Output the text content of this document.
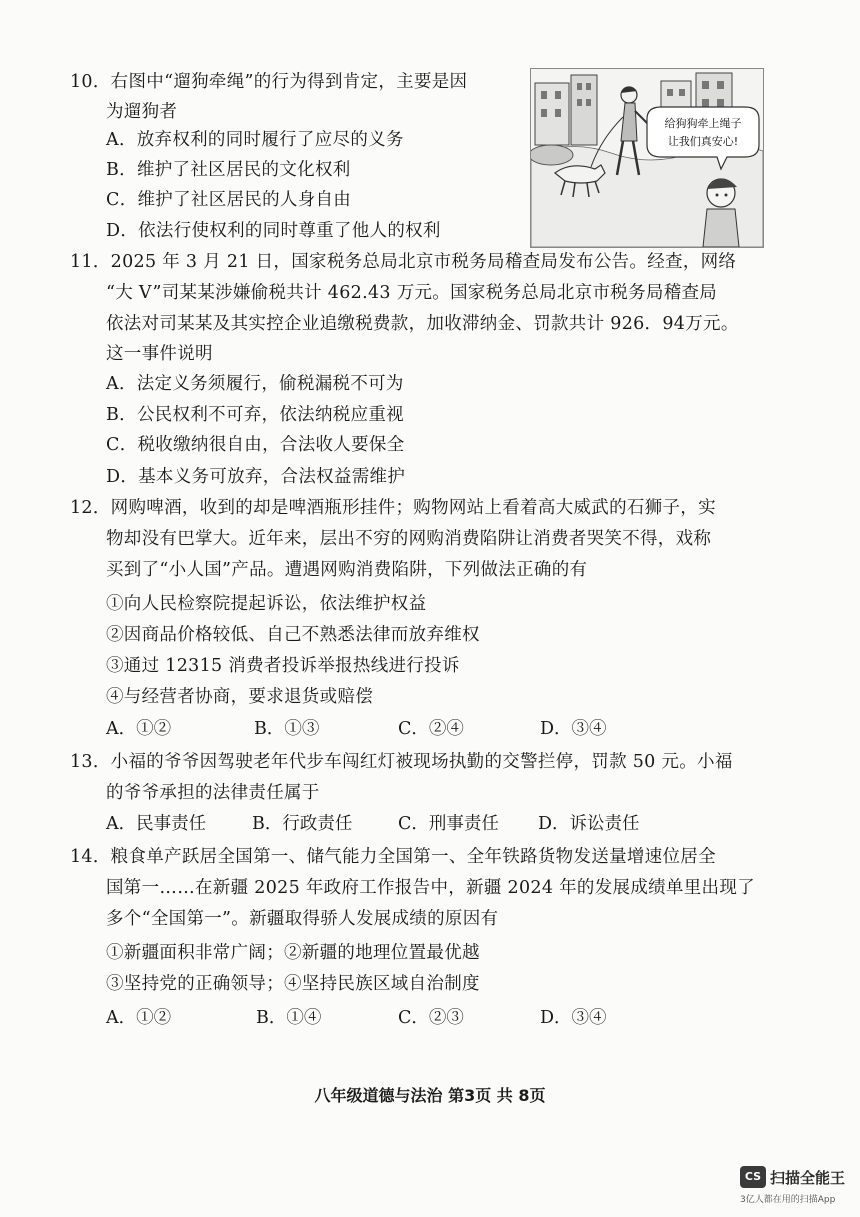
10．右图中“遛狗牵绳”的行为得到肯定，主要是因
为遛狗者
A．放弃权利的同时履行了应尽的义务
B．维护了社区居民的文化权利
C．维护了社区居民的人身自由
D．依法行使权利的同时尊重了他人的权利
给狗狗牵上绳子
让我们真安心!
11．2025 年 3 月 21 日，国家税务总局北京市税务局稽查局发布公告。经查，网络
“大 V”司某某涉嫌偷税共计 462.43 万元。国家税务总局北京市税务局稽查局
依法对司某某及其实控企业追缴税费款，加收滞纳金、罚款共计 926．94万元。
这一事件说明
A．法定义务须履行，偷税漏税不可为
B．公民权利不可弃，依法纳税应重视
C．税收缴纳很自由，合法收人要保全
D．基本义务可放弃，合法权益需维护
12．网购啤酒，收到的却是啤酒瓶形挂件；购物网站上看着高大威武的石狮子，实
物却没有巴掌大。近年来，层出不穷的网购消费陷阱让消费者哭笑不得，戏称
买到了“小人国”产品。遭遇网购消费陷阱，下列做法正确的有
①向人民检察院提起诉讼，依法维护权益
②因商品价格较低、自己不熟悉法律而放弃维权
③通过 12315 消费者投诉举报热线进行投诉
④与经营者协商，要求退货或赔偿
A．①②	B．①③	C．②④	D．③④
13．小福的爷爷因驾驶老年代步车闯红灯被现场执勤的交警拦停，罚款 50 元。小福
的爷爷承担的法律责任属于
A．民事责任	B．行政责任	C．刑事责任 D．诉讼责任
14．粮食单产跃居全国第一、储气能力全国第一、全年铁路货物发送量增速位居全
国第一……在新疆 2025 年政府工作报告中，新疆 2024 年的发展成绩单里出现了
多个“全国第一”。新疆取得骄人发展成绩的原因有
①新疆面积非常广阔；②新疆的地理位置最优越
③坚持党的正确领导；④坚持民族区域自治制度
A．①②	B．①④	C．②③	D．③④
八年级道德与法治 第3页 共 8页
CS 扫描全能王
3亿人都在用的扫描App
